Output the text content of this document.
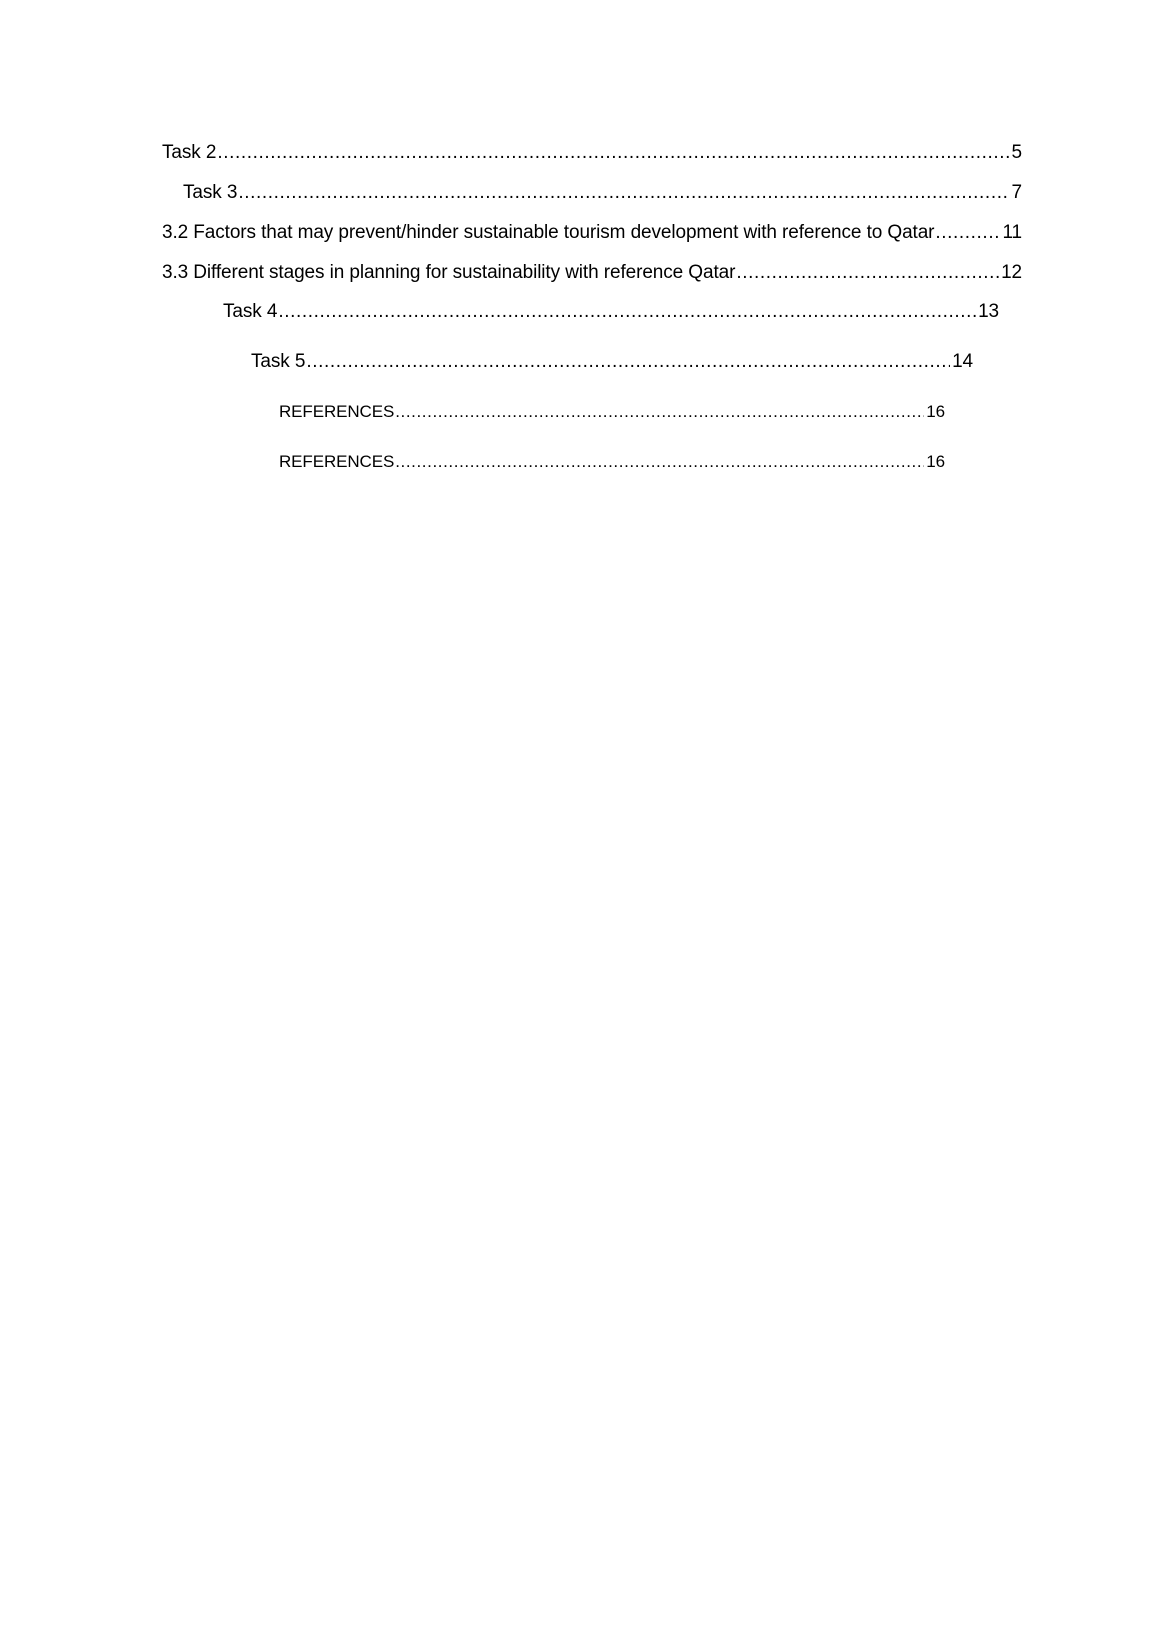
Task 2 .....	5
Task 3 .....	7
3.2 Factors that may prevent/hinder sustainable tourism development with reference to Qatar .....	11
3.3 Different stages in planning for sustainability with reference Qatar .....	12
Task 4 .....	13
Task 5 .....	14
REFERENCES .....	16
REFERENCES .....	16
